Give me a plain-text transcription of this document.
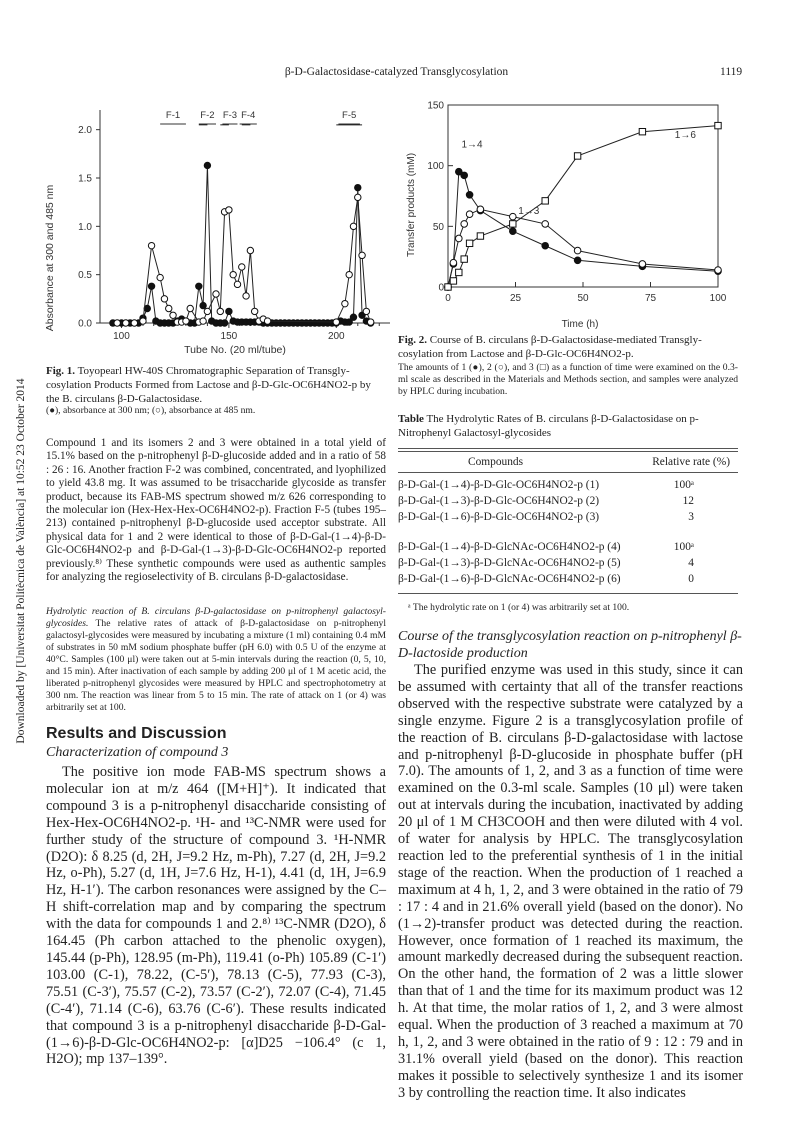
β-D-Galactosidase-catalyzed Transglycosylation	1119
Downloaded by [Universitat Politècnica de València] at 10:52 23 October 2014
0.0
0.5
1.0
1.5
2.0
100	150	200
F-1 F-2 F-3 F-4	F-5
Absorbance at 300 and 485 nm
Tube No. (20 ml/tube)
Fig. 1. Toyopearl HW-40S Chromatographic Separation of Transgly-cosylation Products Formed from Lactose and β-D-Glc-OC6H4NO2-p by the B. circulans β-D-Galactosidase.
(●), absorbance at 300 nm; (○), absorbance at 485 nm.

Compound 1 and its isomers 2 and 3 were obtained in a total yield of 15.1% based on the p-nitrophenyl β-D-glucoside added and in a ratio of 58 : 26 : 16. Another fraction F-2 was combined, concentrated, and lyophilized to yield 43.8 mg. It was assumed to be trisaccharide glycoside as transfer product, because its FAB-MS spectrum showed m/z 626 corresponding to the molecular ion (Hex-Hex-Hex-OC6H4NO2-p). Fraction F-5 (tubes 195–213) contained p-nitrophenyl β-D-glucoside used acceptor substrate. All physical data for 1 and 2 were identical to those of β-D-Gal-(1→4)-β-D-Glc-OC6H4NO2-p and β-D-Gal-(1→3)-β-D-Glc-OC6H4NO2-p reported previously.⁸⁾ These synthetic compounds were used as authentic samples for analyzing the regioselectivity of B. circulans β-D-galactosidase.

Hydrolytic reaction of B. circulans β-D-galactosidase on p-nitrophenyl galactosyl-glycosides. The relative rates of attack of β-D-galactosidase on p-nitrophenyl galactosyl-glycosides were measured by incubating a mixture (1 ml) containing 0.4 mM of substrates in 50 mM sodium phosphate buffer (pH 6.0) with 0.5 U of the enzyme at 40°C. Samples (100 μl) were taken out at 5-min intervals during the reaction (0, 5, 10, and 15 min). After inactivation of each sample by adding 200 μl of 1 M acetic acid, the liberated p-nitrophenyl glycosides were measured by HPLC and spectrophotometry at 300 nm. The reaction was linear from 5 to 15 min. The rate of attack on 1 (or 4) was arbitrarily set at 100.

Results and Discussion
Characterization of compound 3

The positive ion mode FAB-MS spectrum shows a molecular ion at m/z 464 ([M+H]⁺). It indicated that compound 3 is a p-nitrophenyl disaccharide consisting of Hex-Hex-OC6H4NO2-p. ¹H- and ¹³C-NMR were used for further study of the structure of compound 3. ¹H-NMR (D2O): δ 8.25 (d, 2H, J=9.2 Hz, m-Ph), 7.27 (d, 2H, J=9.2 Hz, o-Ph), 5.27 (d, 1H, J=7.6 Hz, H-1), 4.41 (d, 1H, J=6.9 Hz, H-1′). The carbon resonances were assigned by the C–H shift-correlation map and by comparing the spectrum with the data for compounds 1 and 2.⁸⁾ ¹³C-NMR (D2O), δ 164.45 (Ph carbon attached to the phenolic oxygen), 145.44 (p-Ph), 128.95 (m-Ph), 119.41 (o-Ph) 105.89 (C-1′) 103.00 (C-1), 78.22, (C-5′), 78.13 (C-5), 77.93 (C-3), 75.51 (C-3′), 75.57 (C-2), 73.57 (C-2′), 72.07 (C-4), 71.45 (C-4′), 71.14 (C-6), 63.76 (C-6′). These results indicated that compound 3 is a p-nitrophenyl disaccharide β-D-Gal-(1→6)-β-D-Glc-OC6H4NO2-p: [α]D25 −106.4° (c 1, H2O); mp 137–139°.

0
50
100
150
0	25	50	75	100
1→4
1→3
1→6
Transfer products (mM)
Time (h)
Fig. 2. Course of B. circulans β-D-Galactosidase-mediated Transgly-cosylation from Lactose and β-D-Glc-OC6H4NO2-p.
The amounts of 1 (●), 2 (○), and 3 (□) as a function of time were examined on the 0.3-ml scale as described in the Materials and Methods section, and samples were analyzed by HPLC during incubation.
Table The Hydrolytic Rates of B. circulans β-D-Galactosidase on p-Nitrophenyl Galactosyl-glycosides
Compounds	Relative rate (%)
β-D-Gal-(1→4)-β-D-Glc-OC6H4NO2-p (1)	100ᵃ
β-D-Gal-(1→3)-β-D-Glc-OC6H4NO2-p (2)	12
β-D-Gal-(1→6)-β-D-Glc-OC6H4NO2-p (3)	3

β-D-Gal-(1→4)-β-D-GlcNAc-OC6H4NO2-p (4)	100ᵃ
β-D-Gal-(1→3)-β-D-GlcNAc-OC6H4NO2-p (5)	4
β-D-Gal-(1→6)-β-D-GlcNAc-OC6H4NO2-p (6)	0
ᵃ The hydrolytic rate on 1 (or 4) was arbitrarily set at 100.
Course of the transglycosylation reaction on p-nitrophenyl β-D-lactoside production

The purified enzyme was used in this study, since it can be assumed with certainty that all of the transfer reactions observed with the respective substrate were catalyzed by a single enzyme. Figure 2 is a transglycosylation profile of the reaction of B. circulans β-D-galactosidase with lactose and p-nitrophenyl β-D-glucoside in phosphate buffer (pH 7.0). The amounts of 1, 2, and 3 as a function of time were examined on the 0.3-ml scale. Samples (10 μl) were taken out at intervals during the incubation, inactivated by adding 20 μl of 1 M CH3COOH and then were diluted with 4 vol. of water for analysis by HPLC. The transglycosylation reaction led to the preferential synthesis of 1 in the initial stage of the reaction. When the production of 1 reached a maximum at 4 h, 1, 2, and 3 were obtained in the ratio of 79 : 17 : 4 and in 21.6% overall yield (based on the donor). No (1→2)-transfer product was detected during the reaction. However, once formation of 1 reached its maximum, the amount markedly decreased during the subsequent reaction. On the other hand, the formation of 2 was a little slower than that of 1 and the time for its maximum product was 12 h. At that time, the molar ratios of 1, 2, and 3 were almost equal. When the production of 3 reached a maximum at 70 h, 1, 2, and 3 were obtained in the ratio of 9 : 12 : 79 and in 31.1% overall yield (based on the donor). This reaction makes it possible to selectively synthesize 1 and its isomer 3 by controlling the reaction time. It also indicates
